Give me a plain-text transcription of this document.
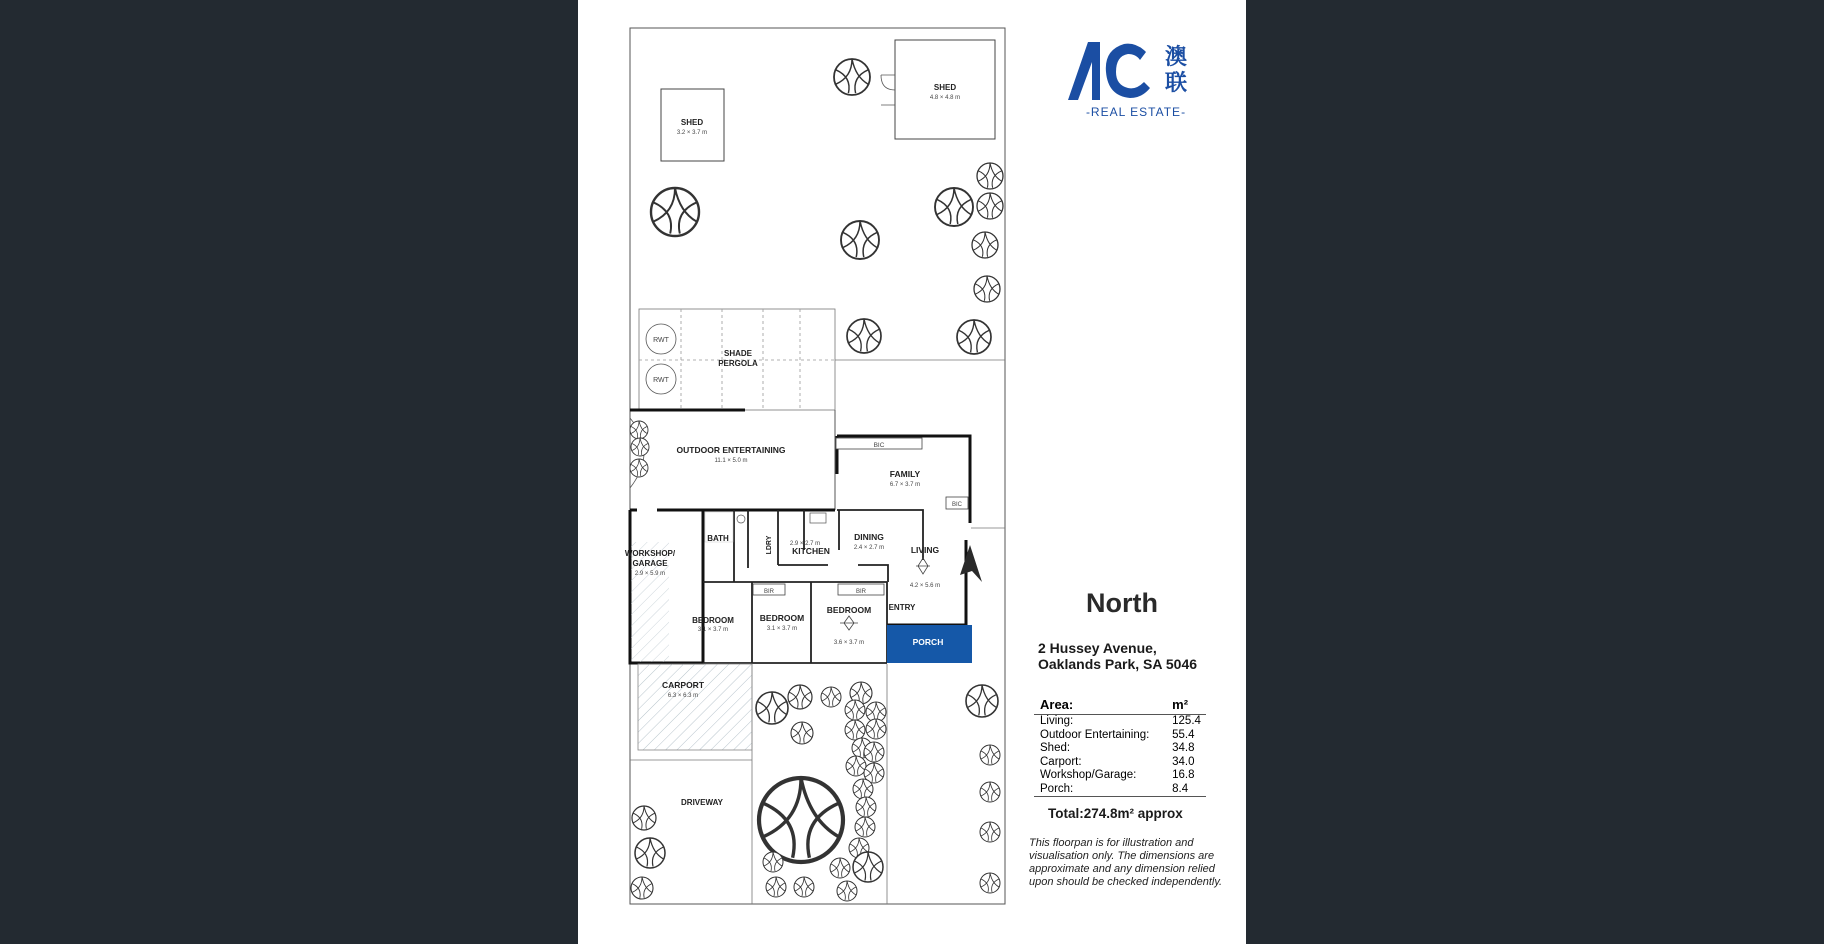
SHED
3.2 × 3.7 m
SHED
4.8 × 4.8 m
RWT
RWT
SHADE
PERGOLA
OUTDOOR ENTERTAINING
11.1 × 5.0 m
BIC
BIC
FAMILY
6.7 × 3.7 m
BATH	LDRY	2.9 × 2.7 m
KITCHEN
DINING
2.4 × 2.7 m	LIVING
4.2 × 5.6 m
WORKSHOP/
GARAGE
2.9 × 5.9 m
BEDROOM
3.1 × 3.7 m
BEDROOM
3.1 × 3.7 m
BIR
BEDROOM
3.6 × 3.7 m
BIR
ENTRY
PORCH
CARPORT
6.3 × 6.3 m
DRIVEWAY
澳联
-REAL ESTATE-
North
2 Hussey Avenue,
Oaklands Park, SA 5046
Area:	m²
Living:	125.4
Outdoor Entertaining:	55.4
Shed:	34.8
Carport:	34.0
Workshop/Garage:	16.8
Porch:	8.4
Total:274.8m² approx
This floorpan is for illustration and visualisation only. The dimensions are approximate and any dimension relied upon should be checked independently.
